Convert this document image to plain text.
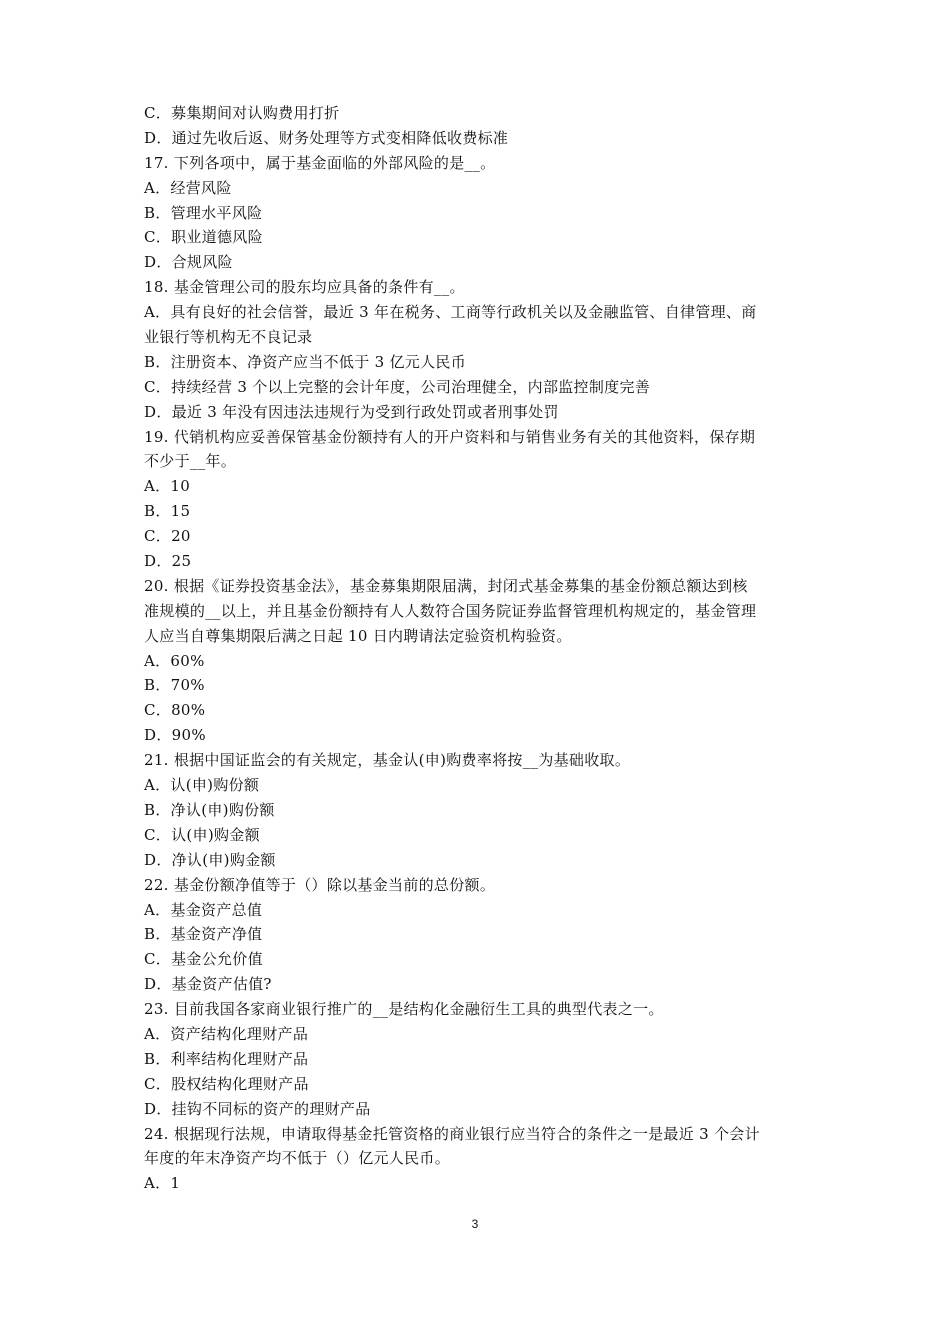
C．募集期间对认购费用打折
D．通过先收后返、财务处理等方式变相降低收费标准
17. 下列各项中，属于基金面临的外部风险的是__。
A．经营风险
B．管理水平风险
C．职业道德风险
D．合规风险
18. 基金管理公司的股东均应具备的条件有__。
A．具有良好的社会信誉，最近 3 年在税务、工商等行政机关以及金融监管、自律管理、商
业银行等机构无不良记录
B．注册资本、净资产应当不低于 3 亿元人民币
C．持续经营 3 个以上完整的会计年度，公司治理健全，内部监控制度完善
D．最近 3 年没有因违法违规行为受到行政处罚或者刑事处罚
19. 代销机构应妥善保管基金份额持有人的开户资料和与销售业务有关的其他资料，保存期
不少于__年。
A．10
B．15
C．20
D．25
20. 根据《证券投资基金法》，基金募集期限届满，封闭式基金募集的基金份额总额达到核
准规模的__以上，并且基金份额持有人人数符合国务院证券监督管理机构规定的，基金管理
人应当自尊集期限后满之日起 10 日内聘请法定验资机构验资。
A．60%
B．70%
C．80%
D．90%
21. 根据中国证监会的有关规定，基金认(申)购费率将按__为基础收取。
A．认(申)购份额
B．净认(申)购份额
C．认(申)购金额
D．净认(申)购金额
22. 基金份额净值等于（）除以基金当前的总份额。
A．基金资产总值
B．基金资产净值
C．基金公允价值
D．基金资产估值?
23. 目前我国各家商业银行推广的__是结构化金融衍生工具的典型代表之一。
A．资产结构化理财产品
B．利率结构化理财产品
C．股权结构化理财产品
D．挂钩不同标的资产的理财产品
24. 根据现行法规，申请取得基金托管资格的商业银行应当符合的条件之一是最近 3 个会计
年度的年末净资产均不低于（）亿元人民币。
A．1
3
